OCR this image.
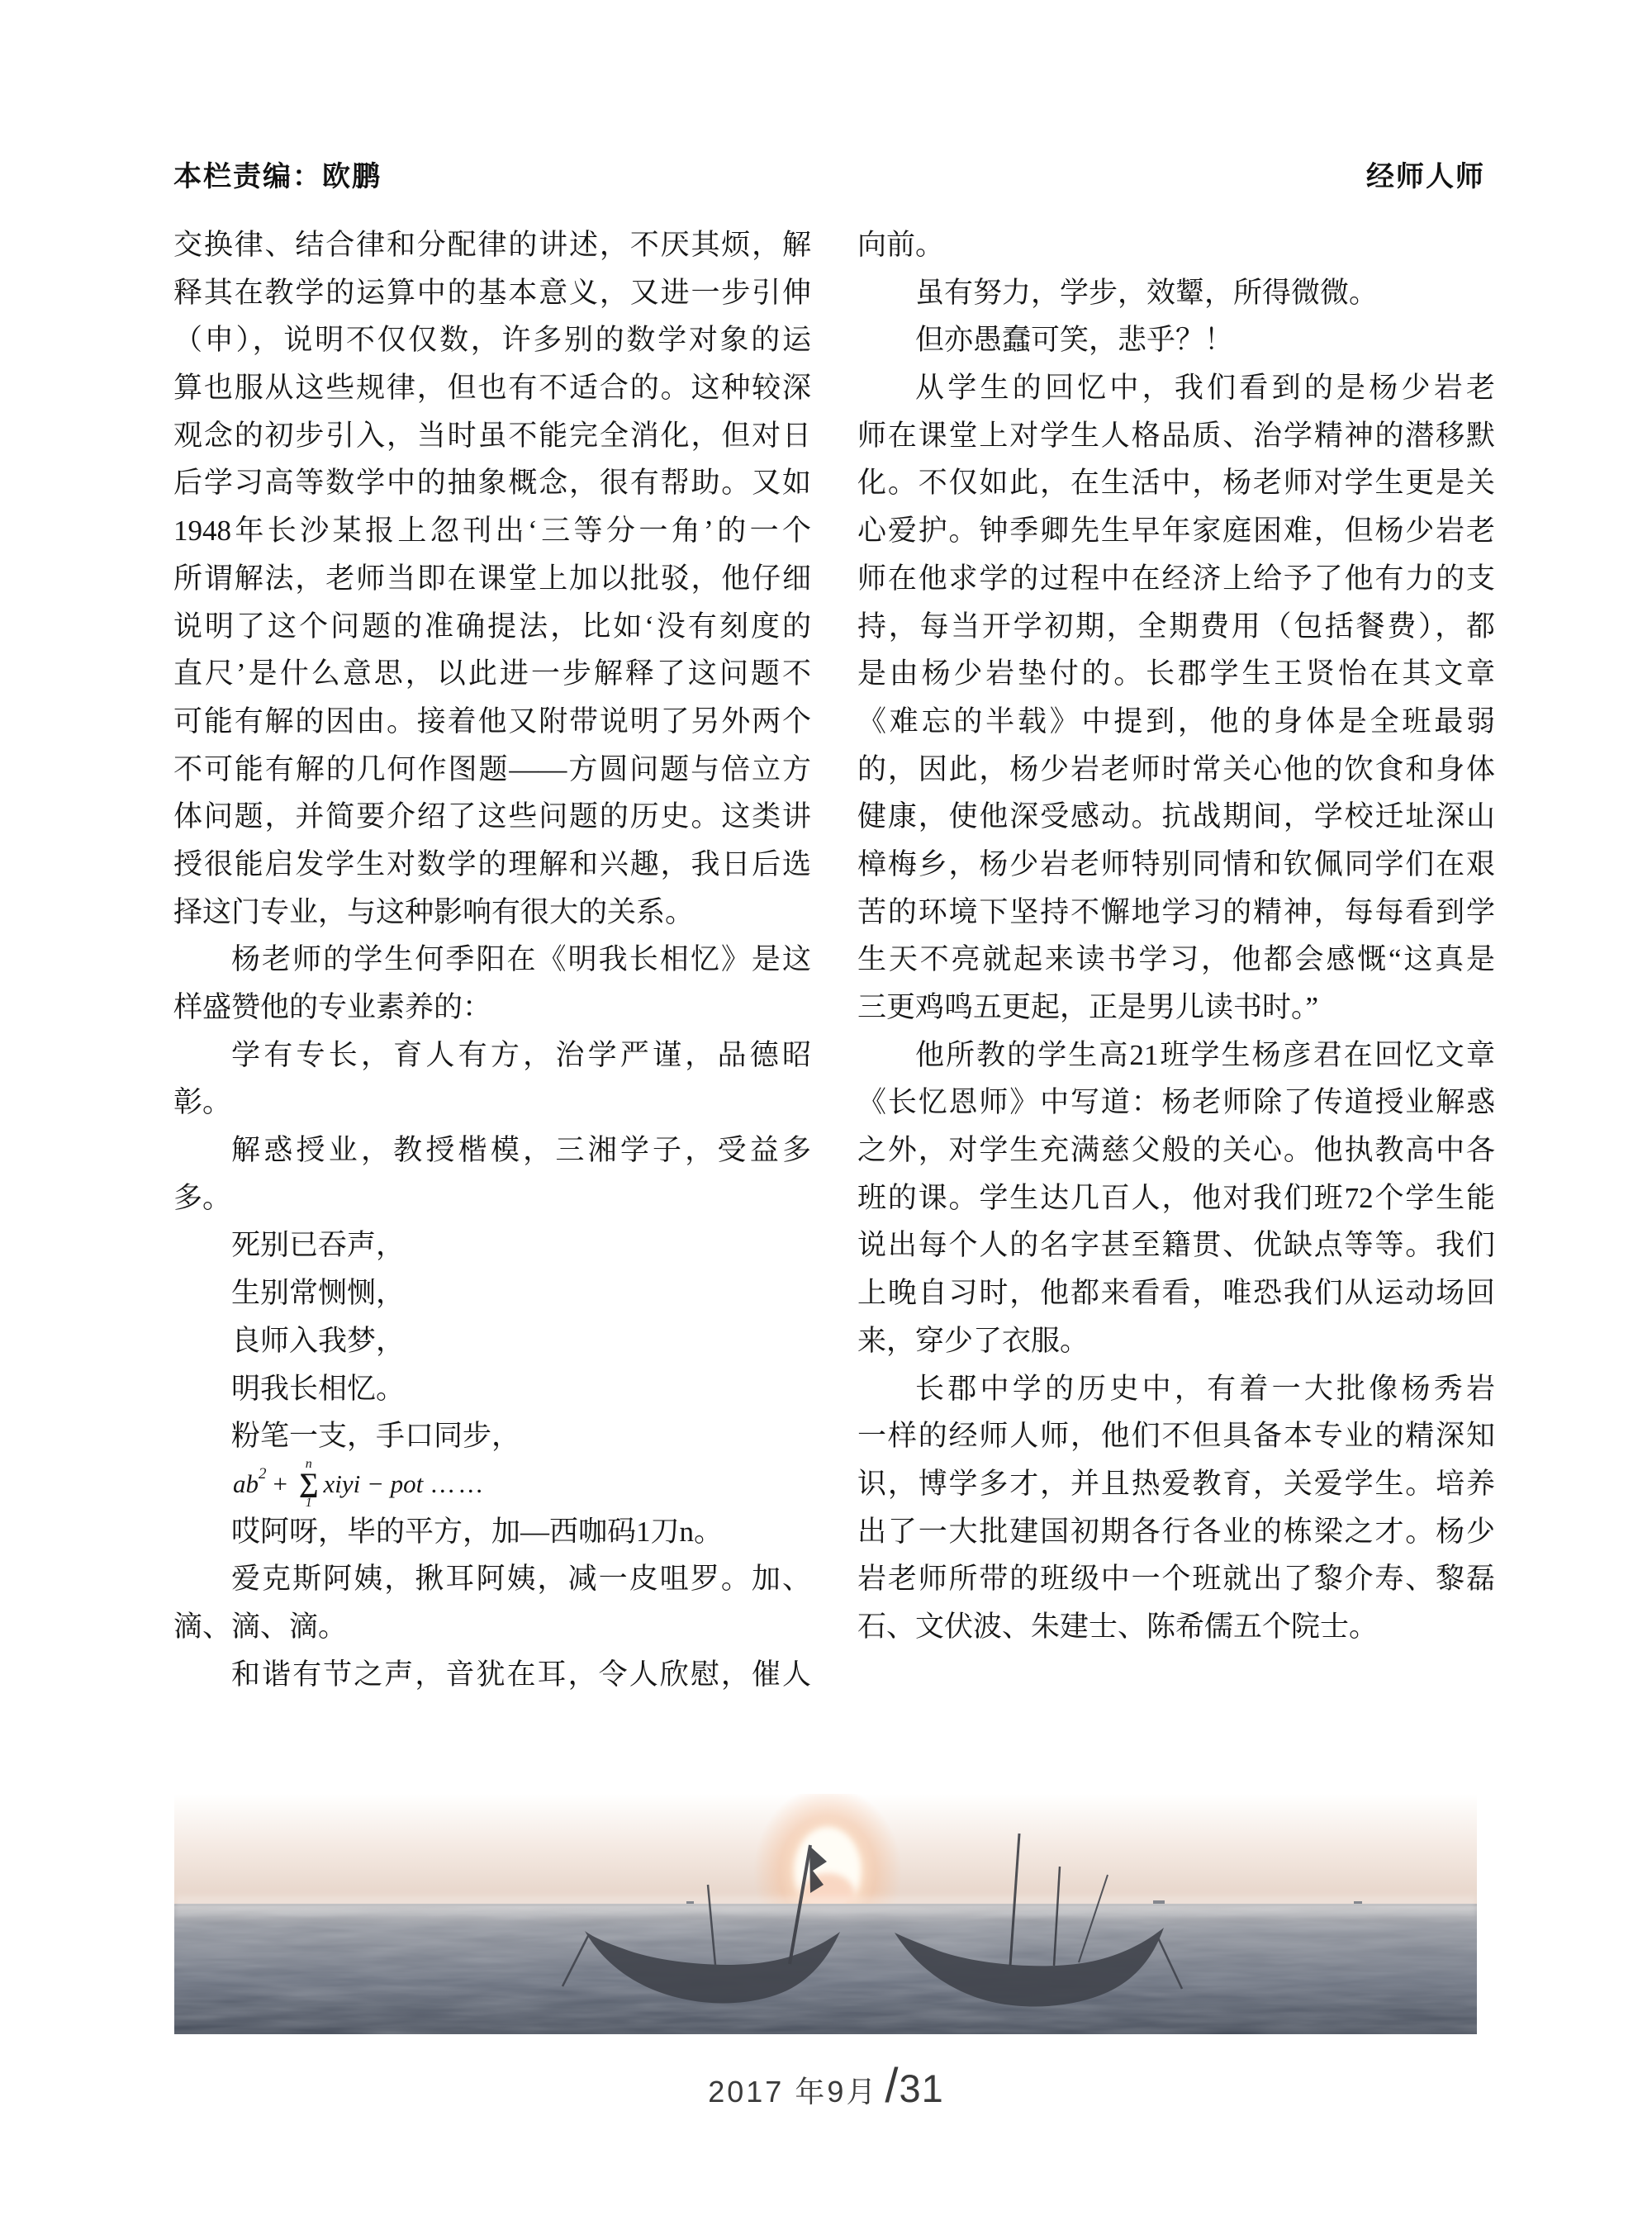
本栏责编：欧鹏	经师人师
交换律、结合律和分配律的讲述，不厌其烦，解
释其在教学的运算中的基本意义，又进一步引伸
（申），说明不仅仅数，许多别的数学对象的运
算也服从这些规律，但也有不适合的。这种较深
观念的初步引入，当时虽不能完全消化，但对日
后学习高等数学中的抽象概念，很有帮助。又如
1948年长沙某报上忽刊出‘三等分一角’的一个
所谓解法，老师当即在课堂上加以批驳，他仔细
说明了这个问题的准确提法，比如‘没有刻度的
直尺’是什么意思，以此进一步解释了这问题不
可能有解的因由。接着他又附带说明了另外两个
不可能有解的几何作图题——方圆问题与倍立方
体问题，并简要介绍了这些问题的历史。这类讲
授很能启发学生对数学的理解和兴趣，我日后选
择这门专业，与这种影响有很大的关系。
杨老师的学生何季阳在《明我长相忆》是这
样盛赞他的专业素养的：
学有专长，育人有方，治学严谨，品德昭
彰。
解惑授业，教授楷模，三湘学子，受益多
多。
死别已吞声，
生别常恻恻，
良师入我梦，
明我长相忆。
粉笔一支，手口同步，
ab 2 +
n
∑
1
xiyi − pot ……
哎阿呀，毕的平方，加—西咖码1刀n。
爱克斯阿姨，揪耳阿姨，减一皮咀罗。加、
滴、滴、滴。
和谐有节之声，音犹在耳，令人欣慰，催人
向前。
虽有努力，学步，效颦，所得微微。
但亦愚蠢可笑，悲乎？！
从学生的回忆中，我们看到的是杨少岩老
师在课堂上对学生人格品质、治学精神的潜移默
化。不仅如此，在生活中，杨老师对学生更是关
心爱护。钟季卿先生早年家庭困难，但杨少岩老
师在他求学的过程中在经济上给予了他有力的支
持，每当开学初期，全期费用（包括餐费），都
是由杨少岩垫付的。长郡学生王贤怡在其文章
《难忘的半载》中提到，他的身体是全班最弱
的，因此，杨少岩老师时常关心他的饮食和身体
健康，使他深受感动。抗战期间，学校迁址深山
樟梅乡，杨少岩老师特别同情和钦佩同学们在艰
苦的环境下坚持不懈地学习的精神，每每看到学
生天不亮就起来读书学习，他都会感慨“这真是
三更鸡鸣五更起，正是男儿读书时。”
他所教的学生高21班学生杨彦君在回忆文章
《长忆恩师》中写道：杨老师除了传道授业解惑
之外，对学生充满慈父般的关心。他执教高中各
班的课。学生达几百人，他对我们班72个学生能
说出每个人的名字甚至籍贯、优缺点等等。我们
上晚自习时，他都来看看，唯恐我们从运动场回
来，穿少了衣服。
长郡中学的历史中，有着一大批像杨秀岩
一样的经师人师，他们不但具备本专业的精深知
识，博学多才，并且热爱教育，关爱学生。培养
出了一大批建国初期各行各业的栋梁之才。杨少
岩老师所带的班级中一个班就出了黎介寿、黎磊
石、文伏波、朱建士、陈希儒五个院士。
2017 年9月 / 31
